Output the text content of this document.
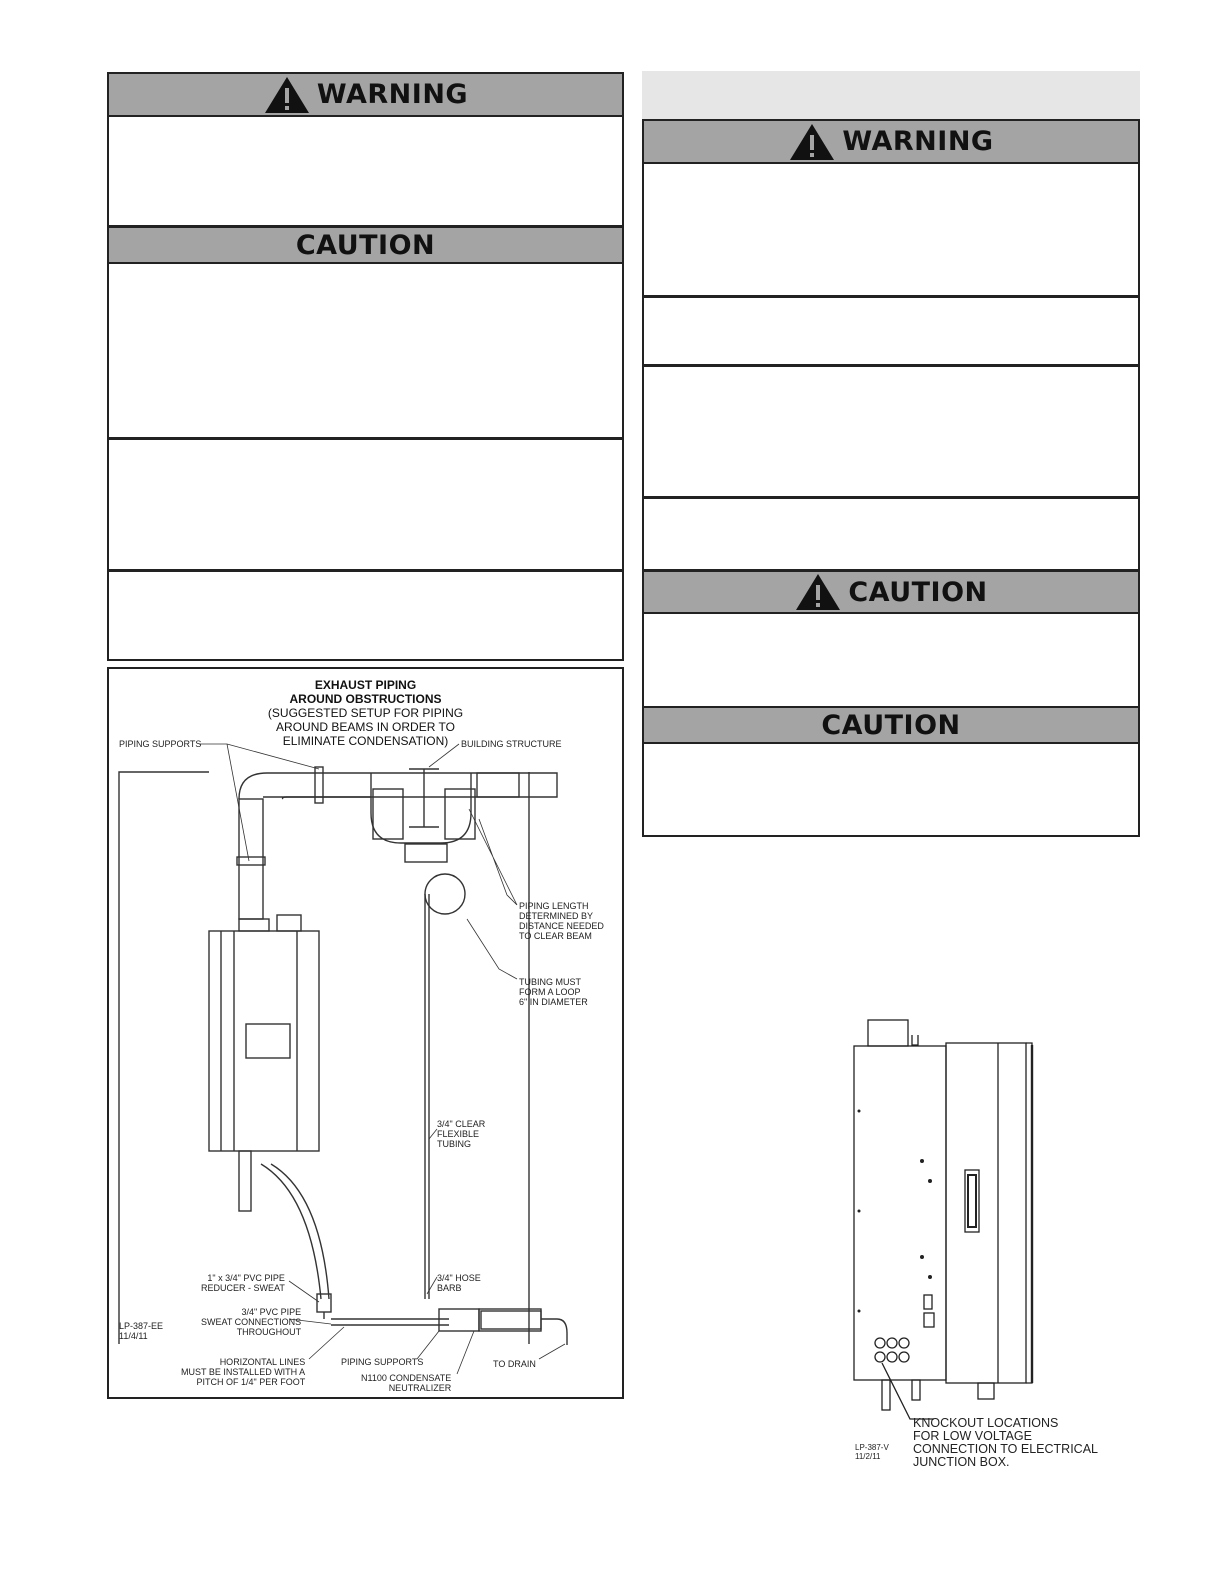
WARNING
CAUTION
EXHAUST PIPING
AROUND OBSTRUCTIONS
(SUGGESTED SETUP FOR PIPING
AROUND BEAMS IN ORDER TO
ELIMINATE CONDENSATION)
PIPING SUPPORTS	BUILDING STRUCTURE
PIPING LENGTH
DETERMINED BY
DISTANCE NEEDED
TO CLEAR BEAM
TUBING MUST
FORM A LOOP
6" IN DIAMETER
3/4" CLEAR
FLEXIBLE
TUBING
3/4" HOSE
BARB
1" x 3/4" PVC PIPE
REDUCER - SWEAT
3/4" PVC PIPE
SWEAT CONNECTIONS
THROUGHOUT
LP-387-EE
11/4/11
HORIZONTAL LINES
MUST BE INSTALLED WITH A
PITCH OF 1/4" PER FOOT
PIPING SUPPORTS
N1100 CONDENSATE
NEUTRALIZER
TO DRAIN
WARNING
CAUTION
CAUTION
KNOCKOUT LOCATIONS
FOR LOW VOLTAGE
CONNECTION TO ELECTRICAL
JUNCTION BOX.
LP-387-V
11/2/11
